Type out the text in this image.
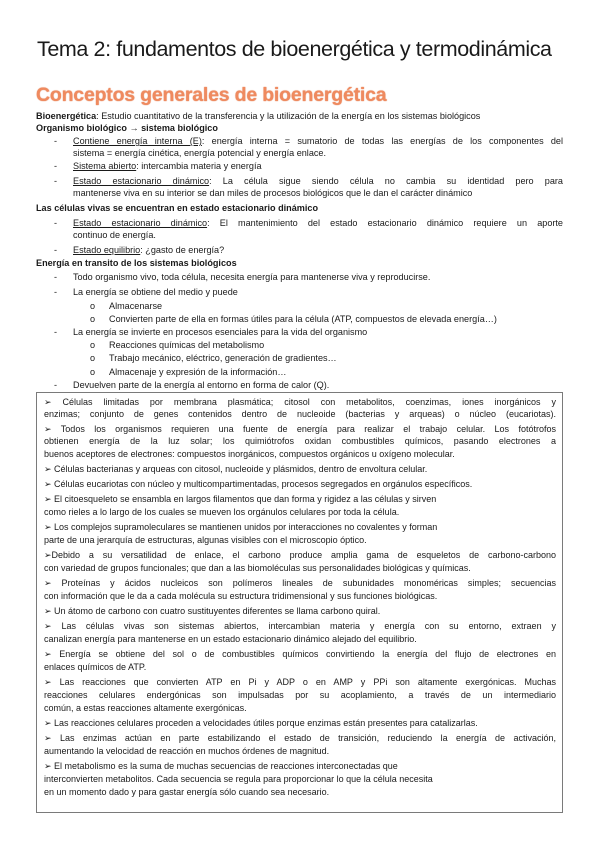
Tema 2: fundamentos de bioenergética y termodinámica
Conceptos generales de bioenergética
Bioenergética: Estudio cuantitativo de la transferencia y la utilización de la energía en los sistemas biológicos
Organismo biológico → sistema biológico
- Contiene energía interna (E): energía interna = sumatorio de todas las energías de los componentes del
sistema = energía cinética, energía potencial y energía enlace.
- Sistema abierto: intercambia materia y energía
- Estado estacionario dinámico: La célula sigue siendo célula no cambia su identidad pero para
mantenerse viva en su interior se dan miles de procesos biológicos que le dan el carácter dinámico
Las células vivas se encuentran en estado estacionario dinámico
- Estado estacionario dinámico: El mantenimiento del estado estacionario dinámico requiere un aporte
continuo de energía.
- Estado equilibrio: ¿gasto de energía?
Energía en transito de los sistemas biológicos
- Todo organismo vivo, toda célula, necesita energía para mantenerse viva y reproducirse.
- La energía se obtiene del medio y puede
o Almacenarse
o Convierten parte de ella en formas útiles para la célula (ATP, compuestos de elevada energía…)
- La energía se invierte en procesos esenciales para la vida del organismo
o Reacciones químicas del metabolismo
o Trabajo mecánico, eléctrico, generación de gradientes…
o Almacenaje y expresión de la información…
- Devuelven parte de la energía al entorno en forma de calor (Q).
➢ Células limitadas por membrana plasmática; citosol con metabolitos, coenzimas, iones inorgánicos y
enzimas; conjunto de genes contenidos dentro de nucleoide (bacterias y arqueas) o núcleo (eucariotas).
➢ Todos los organismos requieren una fuente de energía para realizar el trabajo celular. Los fotótrofos
obtienen energía de la luz solar; los quimiótrofos oxidan combustibles químicos, pasando electrones a
buenos aceptores de electrones: compuestos inorgánicos, compuestos orgánicos u oxígeno molecular.
➢ Células bacterianas y arqueas con citosol, nucleoide y plásmidos, dentro de envoltura celular.
➢ Células eucariotas con núcleo y multicompartimentadas, procesos segregados en orgánulos específicos.
➢ El citoesqueleto se ensambla en largos filamentos que dan forma y rigidez a las células y sirven
como rieles a lo largo de los cuales se mueven los orgánulos celulares por toda la célula.
➢ Los complejos supramoleculares se mantienen unidos por interacciones no covalentes y forman
parte de una jerarquía de estructuras, algunas visibles con el microscopio óptico.
➢Debido a su versatilidad de enlace, el carbono produce amplia gama de esqueletos de carbono-carbono
con variedad de grupos funcionales; que dan a las biomoléculas sus personalidades biológicas y químicas.
➢ Proteínas y ácidos nucleicos son polímeros lineales de subunidades monoméricas simples; secuencias
con información que le da a cada molécula su estructura tridimensional y sus funciones biológicas.
➢ Un átomo de carbono con cuatro sustituyentes diferentes se llama carbono quiral.
➢ Las células vivas son sistemas abiertos, intercambian materia y energía con su entorno, extraen y
canalizan energía para mantenerse en un estado estacionario dinámico alejado del equilibrio.
➢ Energía se obtiene del sol o de combustibles químicos convirtiendo la energía del flujo de electrones en
enlaces químicos de ATP.
➢ Las reacciones que convierten ATP en Pi y ADP o en AMP y PPi son altamente exergónicas. Muchas
reacciones celulares endergónicas son impulsadas por su acoplamiento, a través de un intermediario
común, a estas reacciones altamente exergónicas.
➢ Las reacciones celulares proceden a velocidades útiles porque enzimas están presentes para catalizarlas.
➢ Las enzimas actúan en parte estabilizando el estado de transición, reduciendo la energía de activación,
aumentando la velocidad de reacción en muchos órdenes de magnitud.
➢ El metabolismo es la suma de muchas secuencias de reacciones interconectadas que
interconvierten metabolitos. Cada secuencia se regula para proporcionar lo que la célula necesita
en un momento dado y para gastar energía sólo cuando sea necesario.
